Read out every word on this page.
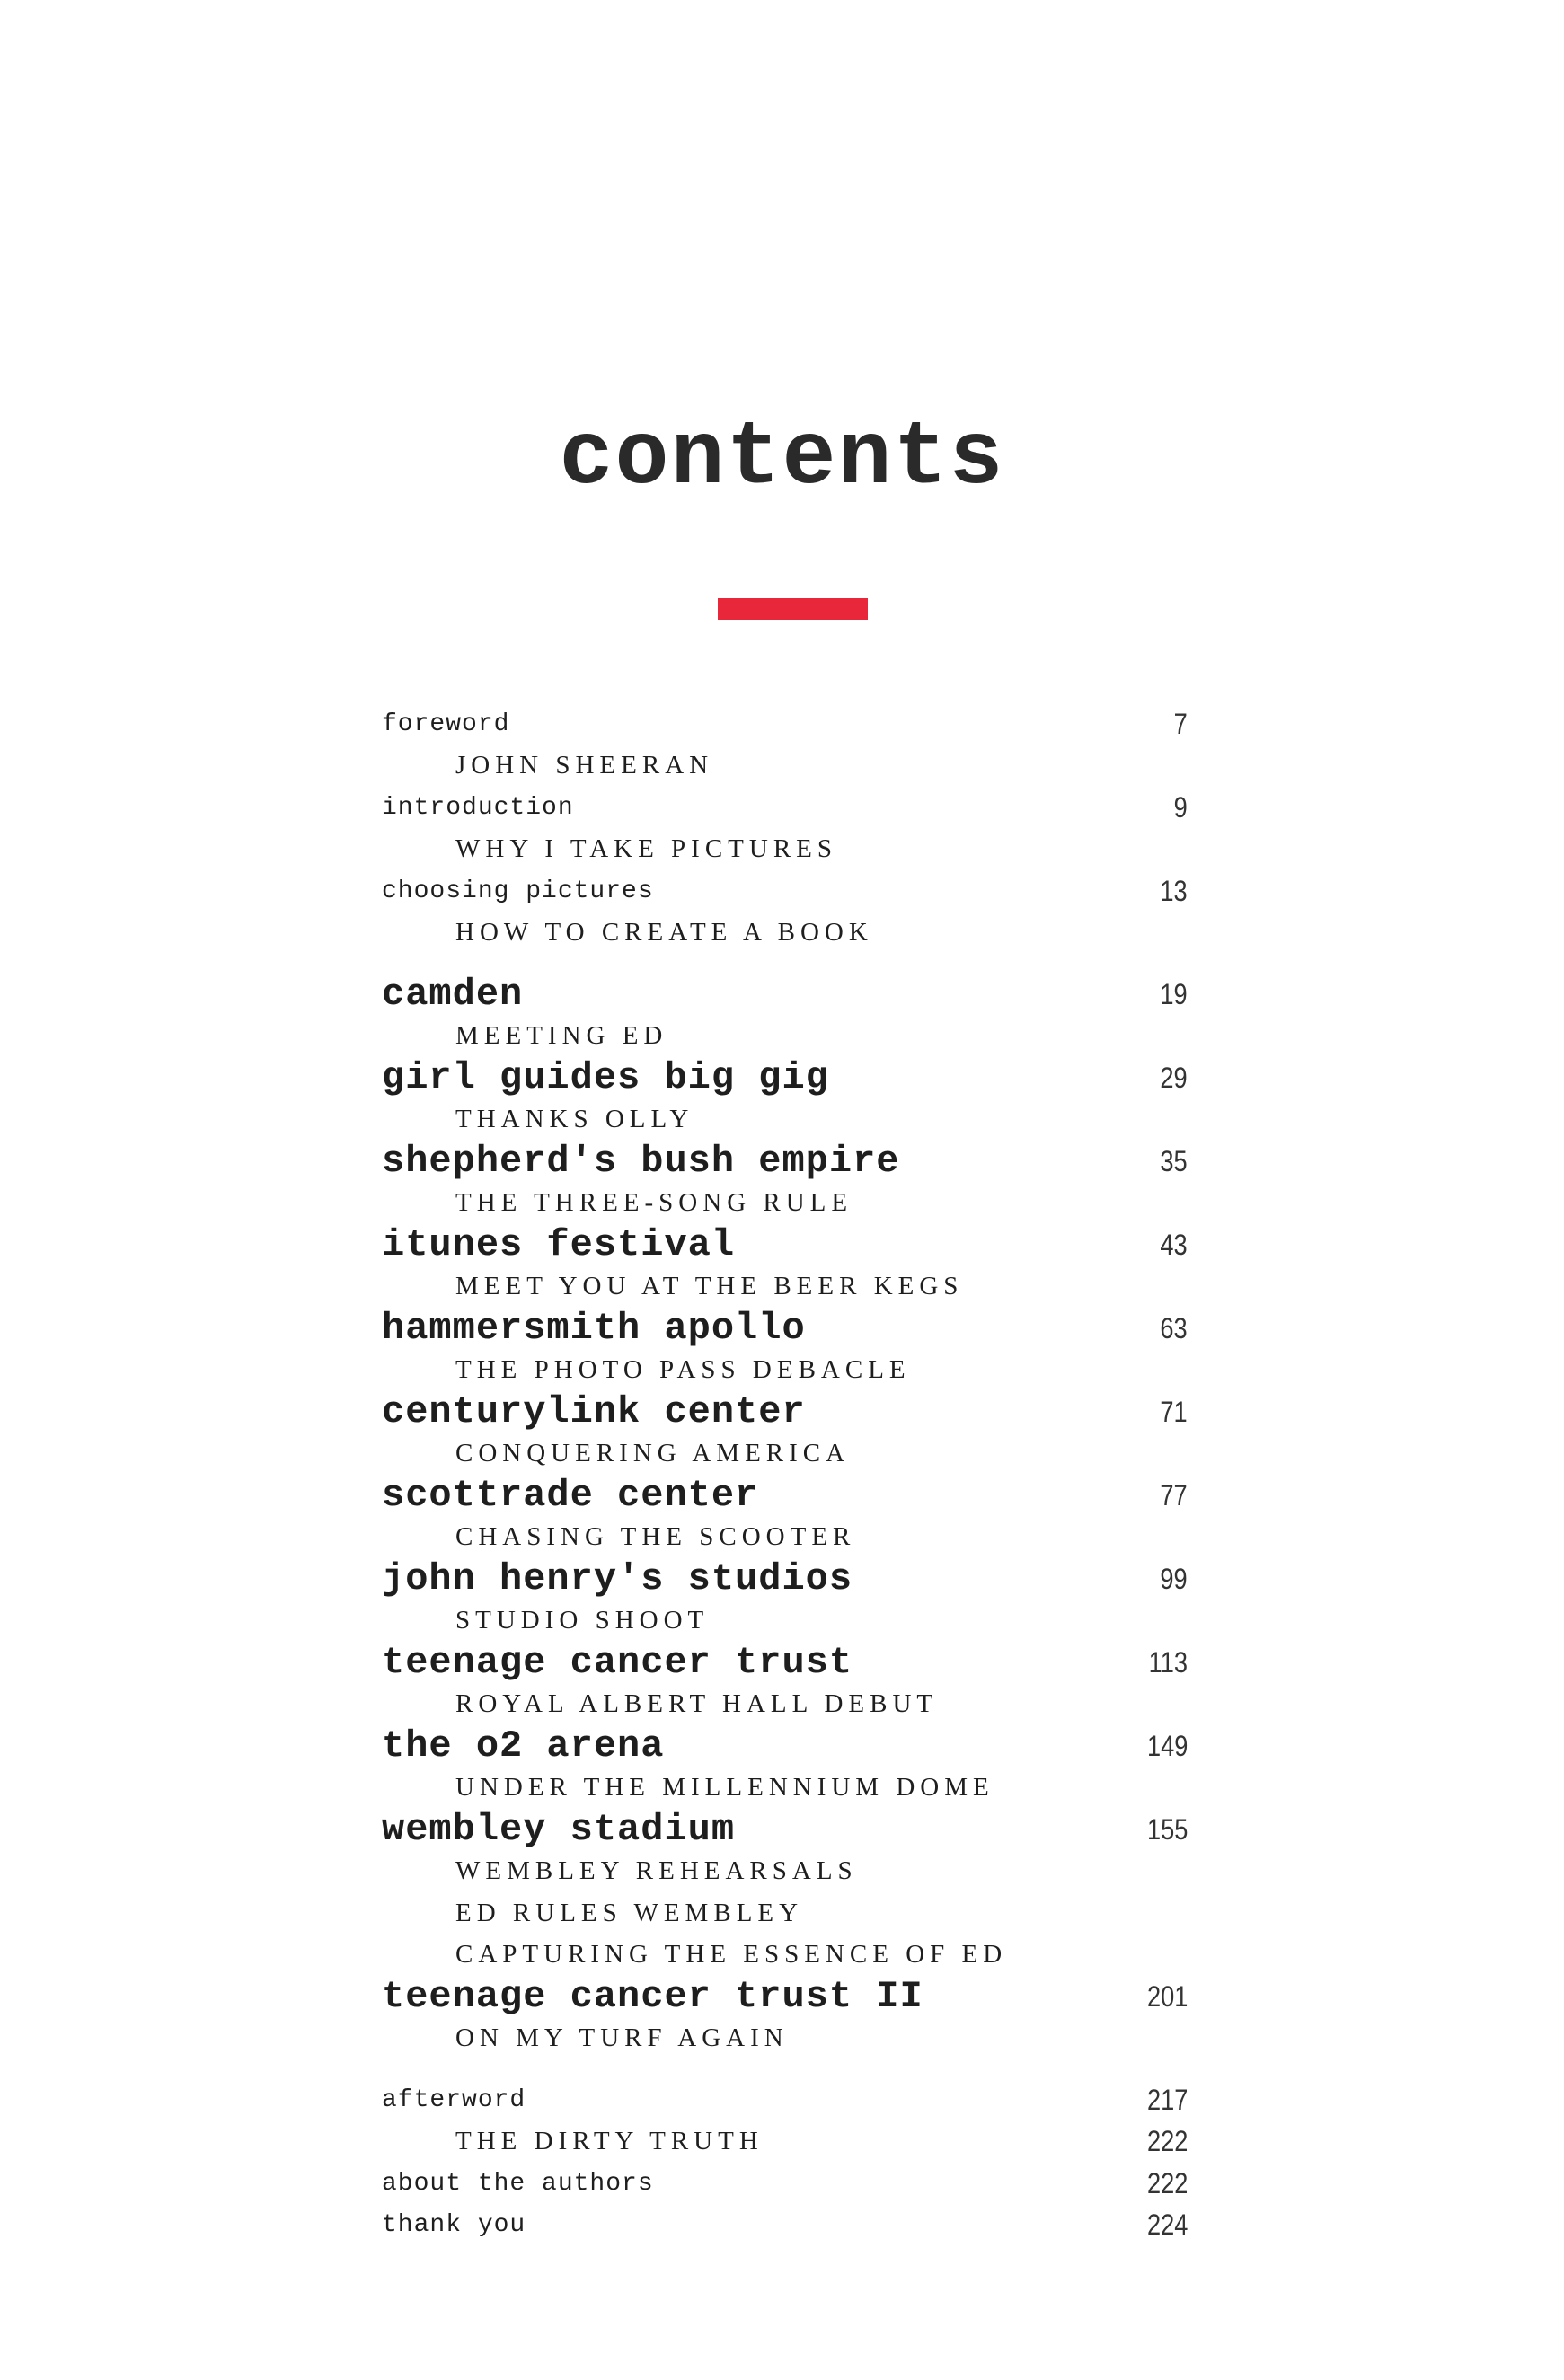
contents
foreword	7
JOHN SHEERAN
introduction	9
WHY I TAKE PICTURES
choosing pictures	13
HOW TO CREATE A BOOK
camden	19
MEETING ED
girl guides big gig	29
THANKS OLLY
shepherd's bush empire	35
THE THREE-SONG RULE
itunes festival	43
MEET YOU AT THE BEER KEGS
hammersmith apollo	63
THE PHOTO PASS DEBACLE
centurylink center	71
CONQUERING AMERICA
scottrade center	77
CHASING THE SCOOTER
john henry's studios	99
STUDIO SHOOT
teenage cancer trust	113
ROYAL ALBERT HALL DEBUT
the o2 arena	149
UNDER THE MILLENNIUM DOME
wembley stadium	155
WEMBLEY REHEARSALS
ED RULES WEMBLEY
CAPTURING THE ESSENCE OF ED
teenage cancer trust II	201
ON MY TURF AGAIN
afterword	217
THE DIRTY TRUTH	222
about the authors	222
thank you	224
